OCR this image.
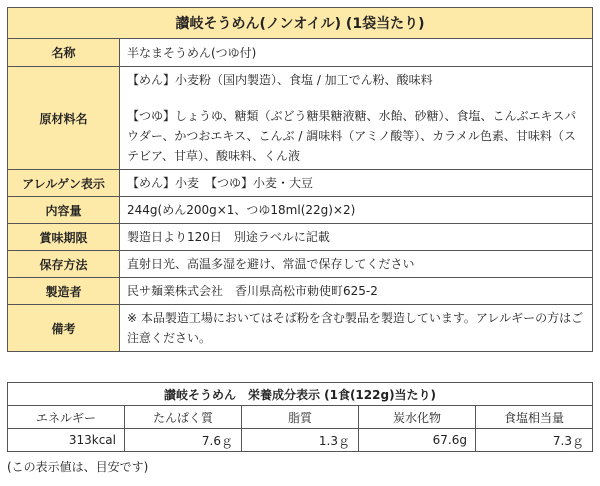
讃岐そうめん(ノンオイル) (1袋当たり)	
名称	半なまそうめん(つゆ付)
原材料名	【めん】小麦粉（国内製造）、食塩 / 加工でん粉、酸味料

【つゆ】しょうゆ、糖類（ぶどう糖果糖液糖、水飴、砂糖）、食塩、こんぶエキスパウダー、かつおエキス、こんぶ / 調味料（アミノ酸等）、カラメル色素、甘味料（ステビア、甘草）、酸味料、くん液

アレルゲン表示	【めん】小麦　【つゆ】小麦・大豆
内容量	244g(めん200g×1、つゆ18ml(22g)×2)
賞味期限	製造日より120日　別途ラベルに記載
保存方法	直射日光、高温多湿を避け、常温で保存してください
製造者	民サ麺業株式会社　香川県高松市勅使町625-2
備考	※ 本品製造工場においてはそば粉を含む製品を製造しています。アレルギーの方はご注意ください。
讃岐そうめん　栄養成分表示 (1食(122g)当たり)				
エネルギー	たんぱく質	脂質	炭水化物	食塩相当量
313kcal	7.6ｇ	1.3ｇ	67.6g	7.3ｇ
(この表示値は、目安です)
